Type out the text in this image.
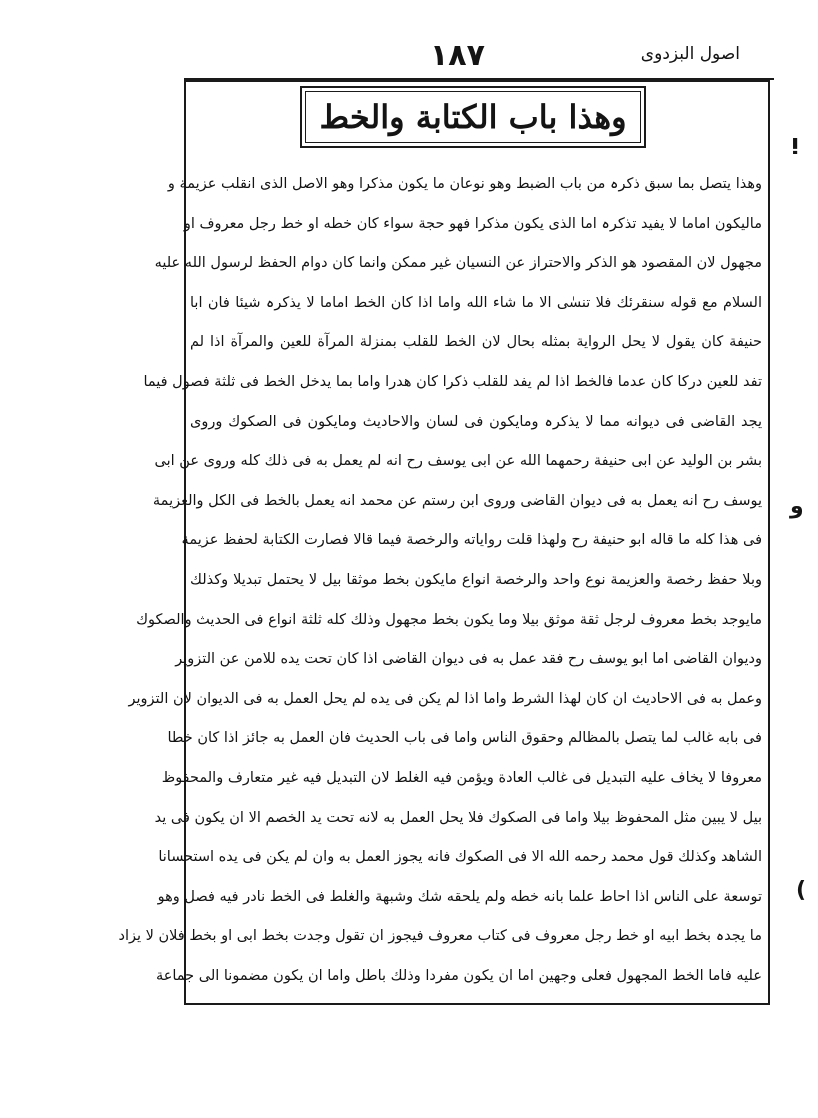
اصول البزدوی
١٨٧
وھذا باب الکتابة والخط
ⵑ
ﻭ
(
وھذا یتصل بما سبق ذکرہ من باب الضبط وھو نوعان ما یکون مذکرا وھو الاصل الذی انقلب عزیمة و
مالیکون اماما لا یفید تذکرہ اما الذی یکون مذکرا فھو حجة سواء کان خطه او خط رجل معروف او
مجھول لان المقصود ھو الذکر والاحتراز عن النسیان غیر ممکن وانما کان دوام الحفظ لرسول الله علیه
السلام مع قوله سنقرئك فلا تنسٰی الا ما شاء الله واما اذا کان الخط اماما لا یذکرہ شیئا فان ابا
حنیفة کان یقول لا یحل الروایة بمثله بحال لان الخط للقلب بمنزلة المرآة للعین والمرآة اذا لم
تفد للعین درکا کان عدما فالخط اذا لم یفد للقلب ذکرا کان ھدرا واما بما یدخل الخط فی ثلثة فصول فیما
یجد القاضی فی دیوانه مما لا یذکرہ ومایکون فی لسان والاحادیث ومایکون فی الصکوك وروی
بشر بن الولید عن ابی حنیفة رحمھما الله عن ابی یوسف رح انه لم یعمل به فی ذلك کله وروی عن ابی
یوسف رح انه یعمل به فی دیوان القاضی وروی ابن رستم عن محمد انه یعمل بالخط فی الکل والعزیمة
فی ھذا کله ما قاله ابو حنیفة رح ولھذا قلت روایاته والرخصة فیما قالا فصارت الکتابة لحفظ عزیمة
وبلا حفظ رخصة والعزیمة نوع واحد والرخصة انواع مایکون بخط موثقا بیل لا یحتمل تبدیلا وکذلك
مایوجد بخط معروف لرجل ثقة موثق بیلا وما یکون بخط مجھول وذلك کله ثلثة انواع فی الحدیث والصکوك
ودیوان القاضی اما ابو یوسف رح فقد عمل به فی دیوان القاضی اذا کان تحت یده للامن عن التزویر
وعمل به فی الاحادیث ان کان لھذا الشرط واما اذا لم یکن فی یده لم یحل العمل به فی الدیوان لان التزویر
فی بابه غالب لما یتصل بالمظالم وحقوق الناس واما فی باب الحدیث فان العمل به جائز اذا کان خطا
معروفا لا یخاف علیه التبدیل فی غالب العادة ویؤمن فیه الغلط لان التبدیل فیه غیر متعارف والمحفوظ
بیل لا یبین مثل المحفوظ بیلا واما فی الصکوك فلا یحل العمل به لانه تحت ید الخصم الا ان یکون فی ید
الشاھد وکذلك قول محمد رحمه الله الا فی الصکوك فانه یجوز العمل به وان لم یکن فی یده استحسانا
توسعة علی الناس اذا احاط علما بانه خطه ولم یلحقه شك وشبھة والغلط فی الخط نادر فیه فصل وھو
ما یجدہ بخط ابیه او خط رجل معروف فی کتاب معروف فیجوز ان تقول وجدت بخط ابی او بخط فلان لا یزاد
علیه فاما الخط المجھول فعلی وجھین اما ان یکون مفردا وذلك باطل واما ان یکون مضمونا الی جماعة
